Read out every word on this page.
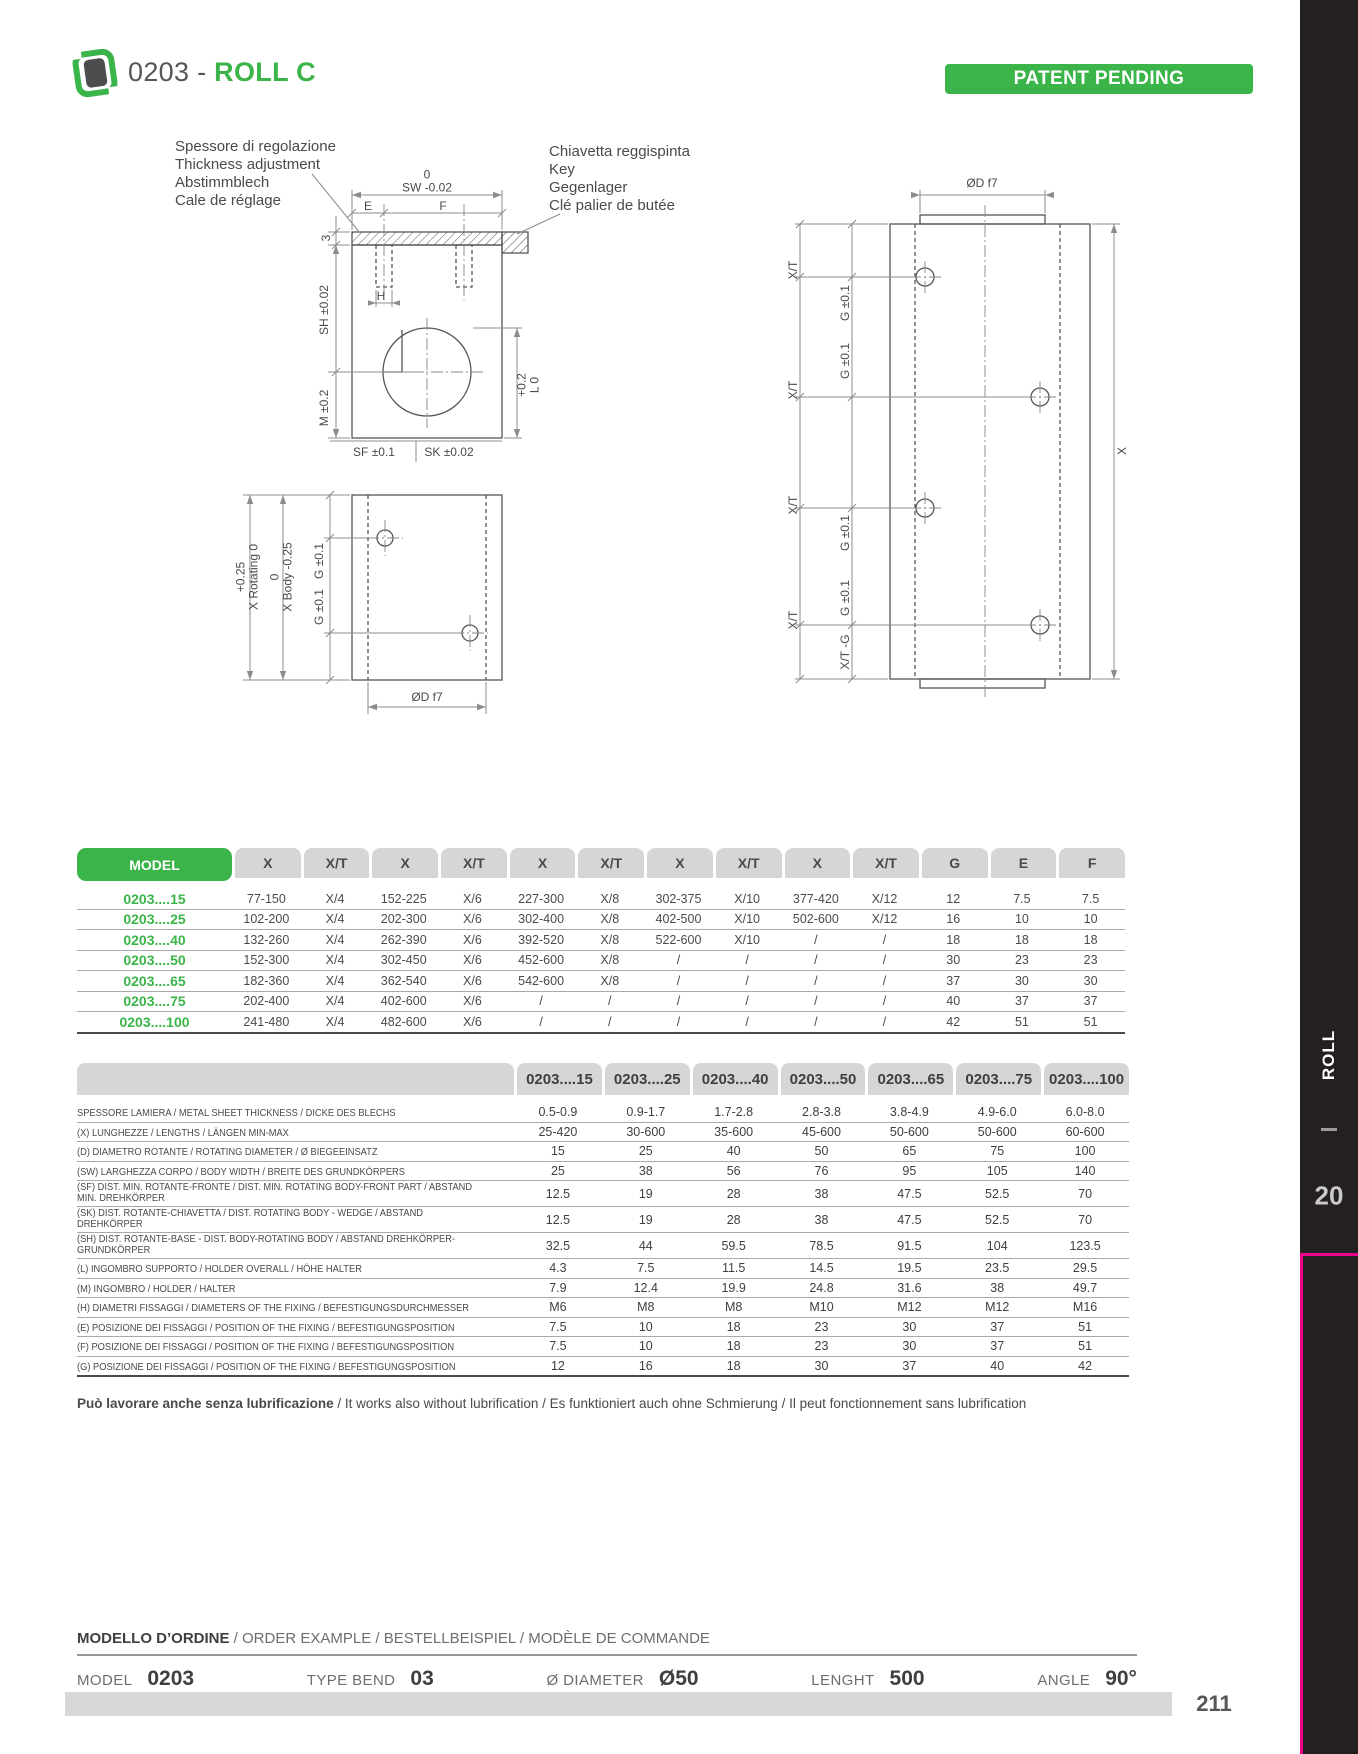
0203 - ROLL C	PATENT PENDING
Spessore di regolazione
Thickness adjustment
Abstimmblech
Cale de réglage
Chiavetta reggispinta
Key
Gegenlager
Clé palier de butée
0
SW -0.02
E	F
3
SH ±0.02	H
M ±0.2
+0.2
L 0
SF ±0.1 SK ±0.02
+0.25
X Rotating 0 0
X Body -0.25 G ±0.1
G ±0.1
ØD f7
ØD f7
X/T
X/T
X/T
X/T
G ±0.1
G ±0.1
G ±0.1
G ±0.1
X/T -G
X
MODEL	X	X/T	X	X/T	X	X/T	X	X/T	X	X/T	G	E	F
0203....15	77-150	X/4	152-225	X/6	227-300	X/8	302-375	X/10	377-420	X/12	12	7.5	7.5
0203....25	102-200	X/4	202-300	X/6	302-400	X/8	402-500	X/10	502-600	X/12	16	10	10
0203....40	132-260	X/4	262-390	X/6	392-520	X/8	522-600	X/10	/	/	18	18	18
0203....50	152-300	X/4	302-450	X/6	452-600	X/8	/	/	/	/	30	23	23
0203....65	182-360	X/4	362-540	X/6	542-600	X/8	/	/	/	/	37	30	30
0203....75	202-400	X/4	402-600	X/6	/	/	/	/	/	/	40	37	37
0203....100	241-480	X/4	482-600	X/6	/	/	/	/	/	/	42	51	51
0203....15	0203....25	0203....40	0203....50	0203....65	0203....75	0203....100
SPESSORE LAMIERA / METAL SHEET THICKNESS / DICKE DES BLECHS	0.5-0.9	0.9-1.7	1.7-2.8	2.8-3.8	3.8-4.9	4.9-6.0	6.0-8.0
(X) LUNGHEZZE / LENGTHS / LÄNGEN MIN-MAX	25-420	30-600	35-600	45-600	50-600	50-600	60-600
(D) DIAMETRO ROTANTE / ROTATING DIAMETER / Ø BIEGEEINSATZ	15	25	40	50	65	75	100
(SW) LARGHEZZA CORPO / BODY WIDTH / BREITE DES GRUNDKÖRPERS	25	38	56	76	95	105	140
(SF) DIST. MIN. ROTANTE-FRONTE / DIST. MIN. ROTATING BODY-FRONT PART / ABSTAND MIN. DREHKÖRPER	12.5	19	28	38	47.5	52.5	70
(SK) DIST. ROTANTE-CHIAVETTA / DIST. ROTATING BODY - WEDGE / ABSTAND DREHKÖRPER	12.5	19	28	38	47.5	52.5	70
(SH) DIST. ROTANTE-BASE - DIST. BODY-ROTATING BODY / ABSTAND DREHKÖRPER-GRUNDKÖRPER	32.5	44	59.5	78.5	91.5	104	123.5
(L) INGOMBRO SUPPORTO / HOLDER OVERALL / HÖHE HALTER	4.3	7.5	11.5	14.5	19.5	23.5	29.5
(M) INGOMBRO / HOLDER / HALTER	7.9	12.4	19.9	24.8	31.6	38	49.7
(H) DIAMETRI FISSAGGI / DIAMETERS OF THE FIXING / BEFESTIGUNGSDURCHMESSER	M6	M8	M8	M10	M12	M12	M16
(E) POSIZIONE DEI FISSAGGI / POSITION OF THE FIXING / BEFESTIGUNGSPOSITION	7.5	10	18	23	30	37	51
(F) POSIZIONE DEI FISSAGGI / POSITION OF THE FIXING / BEFESTIGUNGSPOSITION	7.5	10	18	23	30	37	51
(G) POSIZIONE DEI FISSAGGI / POSITION OF THE FIXING / BEFESTIGUNGSPOSITION	12	16	18	30	37	40	42
Può lavorare anche senza lubrificazione / It works also without lubrification / Es funktioniert auch ohne Schmierung / Il peut fonctionnement sans lubrification
MODELLO D’ORDINE / ORDER EXAMPLE / BESTELLBEISPIEL / MODÈLE DE COMMANDE
MODEL 0203	TYPE BEND 03	Ø DIAMETER Ø50	LENGHT 500	ANGLE 90°
211
ROLL
20
